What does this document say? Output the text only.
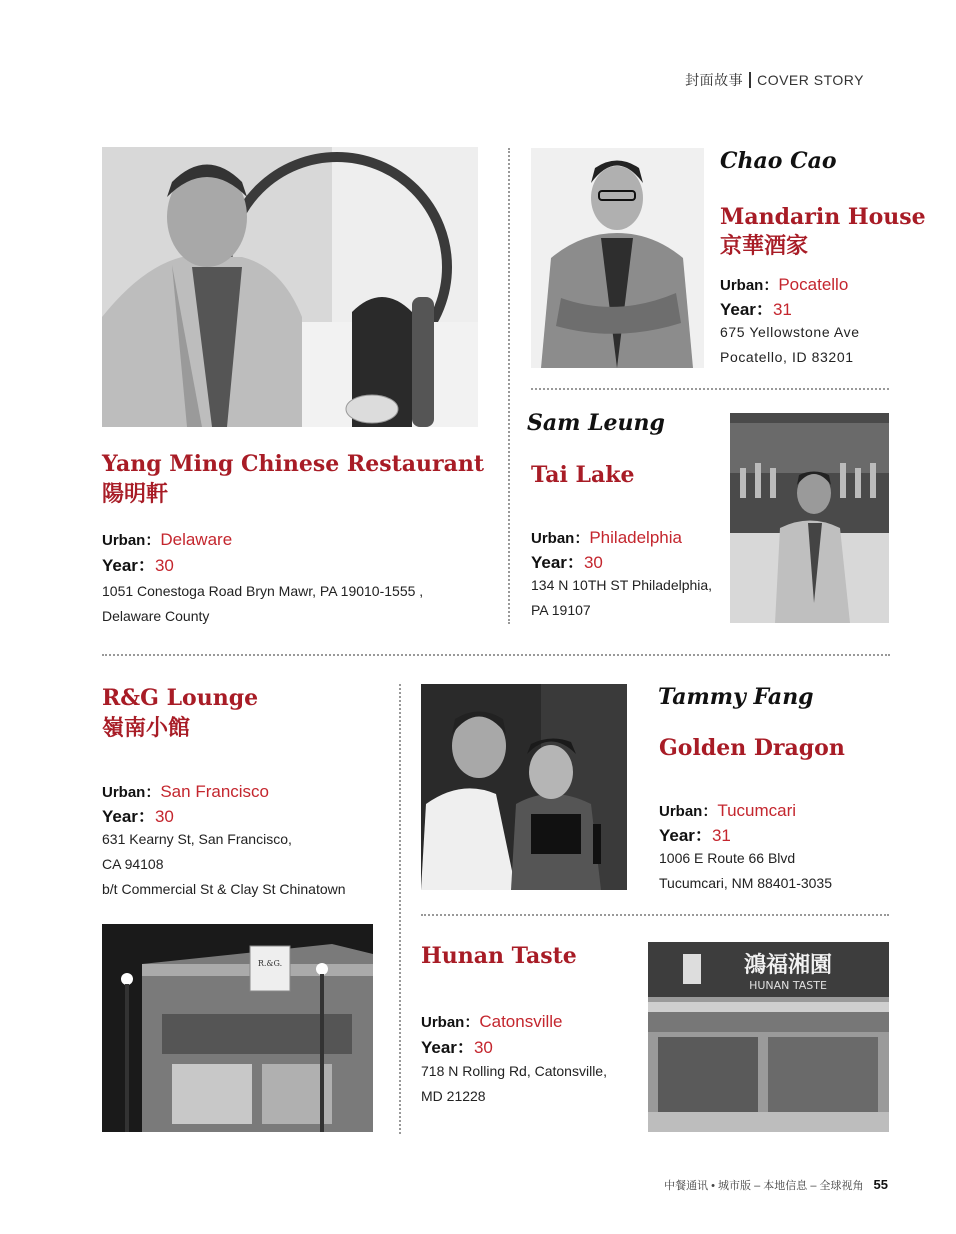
封面故事 COVER STORY
Yang Ming Chinese Restaurant
陽明軒
Urban：Delaware
Year：30
1051 Conestoga Road Bryn Mawr, PA 19010-1555 ,
Delaware County
Chao Cao
Mandarin House
京華酒家
Urban：Pocatello
Year：31
675 Yellowstone Ave
Pocatello, ID 83201
Sam Leung
Tai Lake
Urban：Philadelphia
Year：30
134 N 10TH ST Philadelphia,
PA 19107
R&G Lounge
嶺南小館
Urban：San Francisco
Year：30
631 Kearny St, San Francisco,
CA 94108
b/t Commercial St & Clay St Chinatown
R.&G.
Tammy Fang
Golden Dragon
Urban：Tucumcari
Year：31
1006 E Route 66 Blvd
Tucumcari, NM 88401-3035
Hunan Taste
Urban：Catonsville
Year：30
718 N Rolling Rd, Catonsville,
MD 21228
鴻福湘園
HUNAN TASTE
中餐通讯 • 城市版 – 本地信息 – 全球视角 55
